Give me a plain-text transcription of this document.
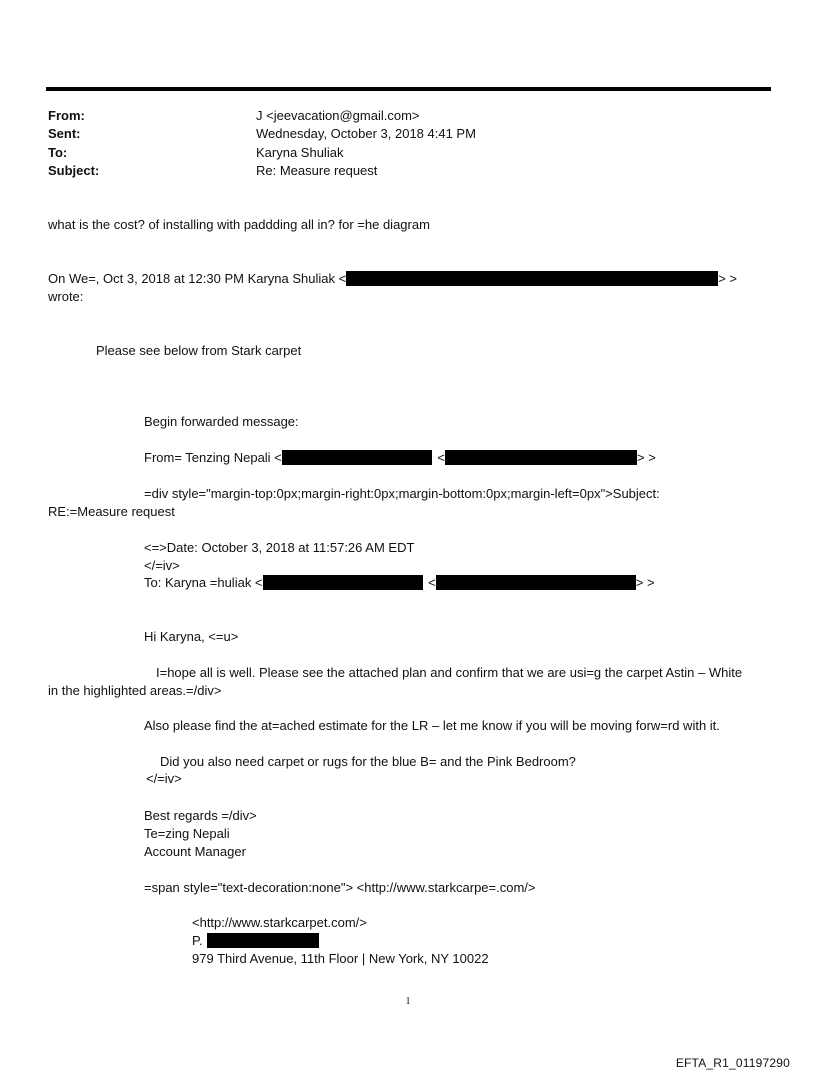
From:	J <jeevacation@gmail.com>
Sent:	Wednesday, October 3, 2018 4:41 PM
To:	Karyna Shuliak
Subject:	Re: Measure request
what is the cost? of installing with paddding all in? for =he diagram
On We=, Oct 3, 2018 at 12:30 PM Karyna Shuliak <	> >
wrote:
Please see below from Stark carpet
Begin forwarded message:
From= Tenzing Nepali <	<	> >
=div style="margin-top:0px;margin-right:0px;margin-bottom:0px;margin-left=0px">Subject:
RE:=Measure request
<=>Date: October 3, 2018 at 11:57:26 AM EDT
</=iv>
To: Karyna =huliak <	<	> >
Hi Karyna, <=u>
I=hope all is well. Please see the attached plan and confirm that we are usi=g the carpet Astin – White
in the highlighted areas.=/div>
Also please find the at=ached estimate for the LR – let me know if you will be moving forw=rd with it.
Did you also need carpet or rugs for the blue B= and the Pink Bedroom?
</=iv>
Best regards =/div>
Te=zing Nepali
Account Manager
=span style="text-decoration:none"> <http://www.starkcarpe=.com/>
<http://www.starkcarpet.com/>
P.
979 Third Avenue, 11th Floor | New York, NY 10022
1
EFTA_R1_01197290
